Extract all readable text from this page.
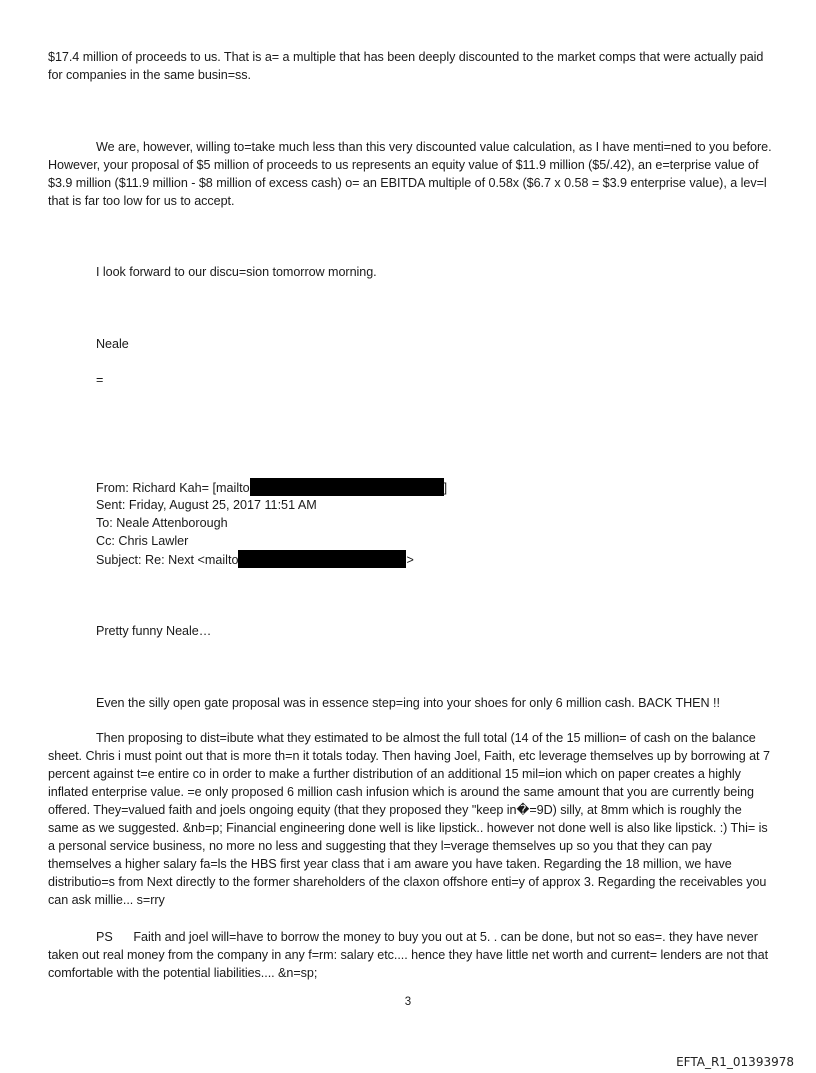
$17.4 million of proceeds to us. That is a= a multiple that has been deeply discounted to the market comps that were actually paid for companies in the same busin=ss.

We are, however, willing to=take much less than this very discounted value calculation, as I have menti=ned to you before. However, your proposal of $5 million of proceeds to us represents an equity value of $11.9 million ($5/.42), an e=terprise value of $3.9 million ($11.9 million - $8 million of excess cash) o= an EBITDA multiple of 0.58x ($6.7 x 0.58 = $3.9 enterprise value), a lev=l that is far too low for us to accept.

I look forward to our discu=sion tomorrow morning.

Neale

=

From: Richard Kah= [mailto	]
Sent: Friday, August 25, 2017 11:51 AM
To: Neale Attenborough
Cc: Chris Lawler
Subject: Re: Next <mailto	>

Pretty funny Neale…

Even the silly open gate proposal was in essence step=ing into your shoes for only 6 million cash. BACK THEN !!

Then proposing to dist=ibute what they estimated to be almost the full total (14 of the 15 million= of cash on the balance sheet. Chris i must point out that is more th=n it totals today. Then having Joel, Faith, etc leverage themselves up by borrowing at 7 percent against t=e entire co in order to make a further distribution of an additional 15 mil=ion which on paper creates a highly inflated enterprise value. =e only proposed 6 million cash infusion which is around the same amount that you are currently being offered. They=valued faith and joels ongoing equity (that they proposed they "keep in�=9D) silly, at 8mm which is roughly the same as we suggested. &nb=p; Financial engineering done well is like lipstick.. however not done well is also like lipstick. :) Thi= is a personal service business, no more no less and suggesting that they l=verage themselves up so you that they can pay themselves a higher salary fa=ls the HBS first year class that i am aware you have taken. Regarding the 18 million, we have distributio=s from Next directly to the former shareholders of the claxon offshore enti=y of approx 3. Regarding the receivables you can ask millie... s=rry

PS Faith and joel will=have to borrow the money to buy you out at 5. . can be done, but not so eas=. they have never taken out real money from the company in any f=rm: salary etc.... hence they have little net worth and current= lenders are not that comfortable with the potential liabilities.... &n=sp;

3
EFTA_R1_01393978
